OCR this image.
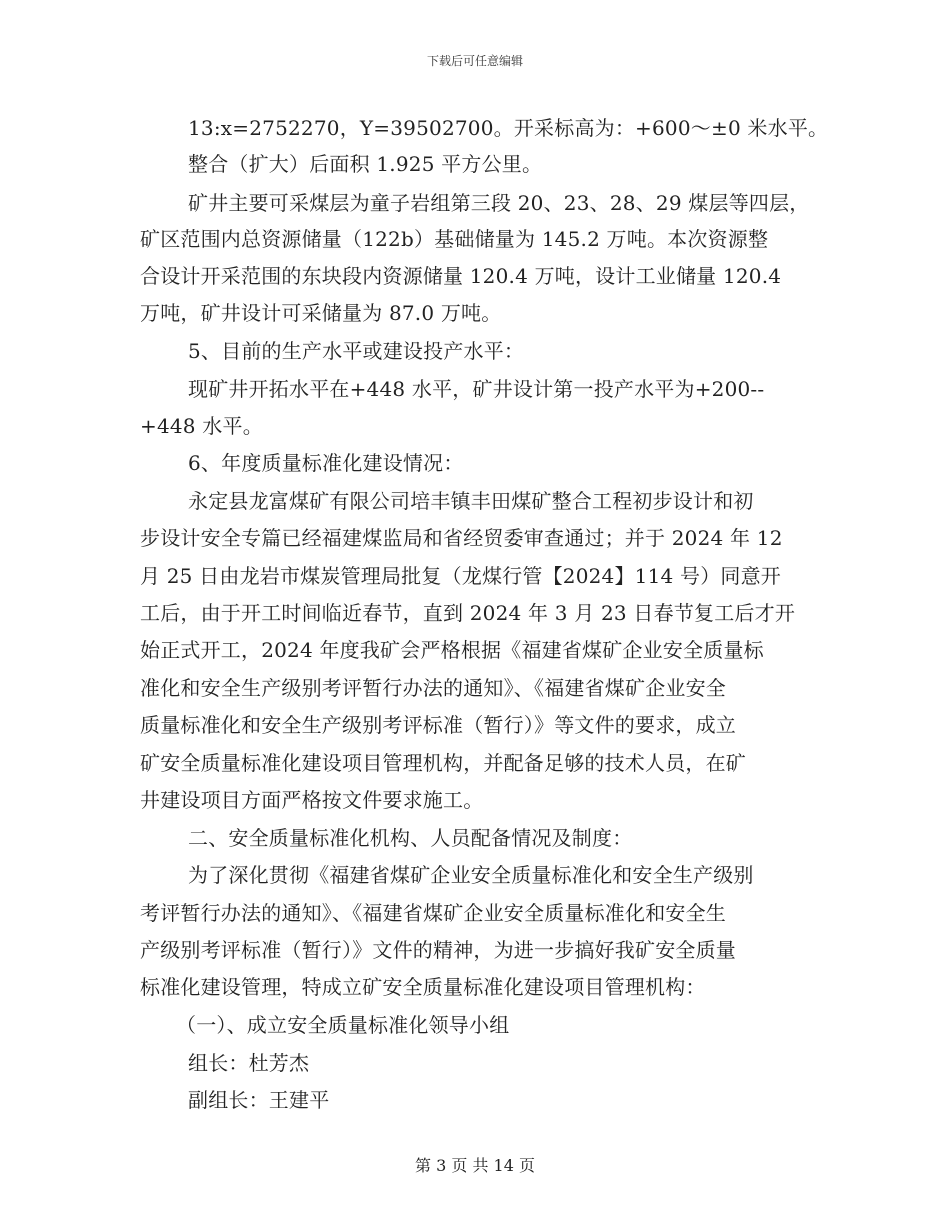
下载后可任意编辑
13:x=2752270，Y=39502700。开采标高为：+600～±0 米水平。
整合（扩大）后面积 1.925 平方公里。
矿井主要可采煤层为童子岩组第三段 20、23、28、29 煤层等四层，
矿区范围内总资源储量（122b）基础储量为 145.2 万吨。本次资源整
合设计开采范围的东块段内资源储量 120.4 万吨，设计工业储量 120.4
万吨，矿井设计可采储量为 87.0 万吨。
5、目前的生产水平或建设投产水平：
现矿井开拓水平在+448 水平，矿井设计第一投产水平为+200--
+448 水平。
6、年度质量标准化建设情况：
永定县龙富煤矿有限公司培丰镇丰田煤矿整合工程初步设计和初
步设计安全专篇已经福建煤监局和省经贸委审查通过；并于 2024 年 12
月 25 日由龙岩市煤炭管理局批复（龙煤行管【2024】114 号）同意开
工后，由于开工时间临近春节，直到 2024 年 3 月 23 日春节复工后才开
始正式开工，2024 年度我矿会严格根据《福建省煤矿企业安全质量标
准化和安全生产级别考评暂行办法的通知》、《福建省煤矿企业安全
质量标准化和安全生产级别考评标准（暂行）》等文件的要求，成立
矿安全质量标准化建设项目管理机构，并配备足够的技术人员，在矿
井建设项目方面严格按文件要求施工。
二、安全质量标准化机构、人员配备情况及制度：
为了深化贯彻《福建省煤矿企业安全质量标准化和安全生产级别
考评暂行办法的通知》、《福建省煤矿企业安全质量标准化和安全生
产级别考评标准（暂行）》文件的精神，为进一步搞好我矿安全质量
标准化建设管理，特成立矿安全质量标准化建设项目管理机构：
（一）、成立安全质量标准化领导小组
组长：杜芳杰
副组长：王建平
第 3 页 共 14 页
